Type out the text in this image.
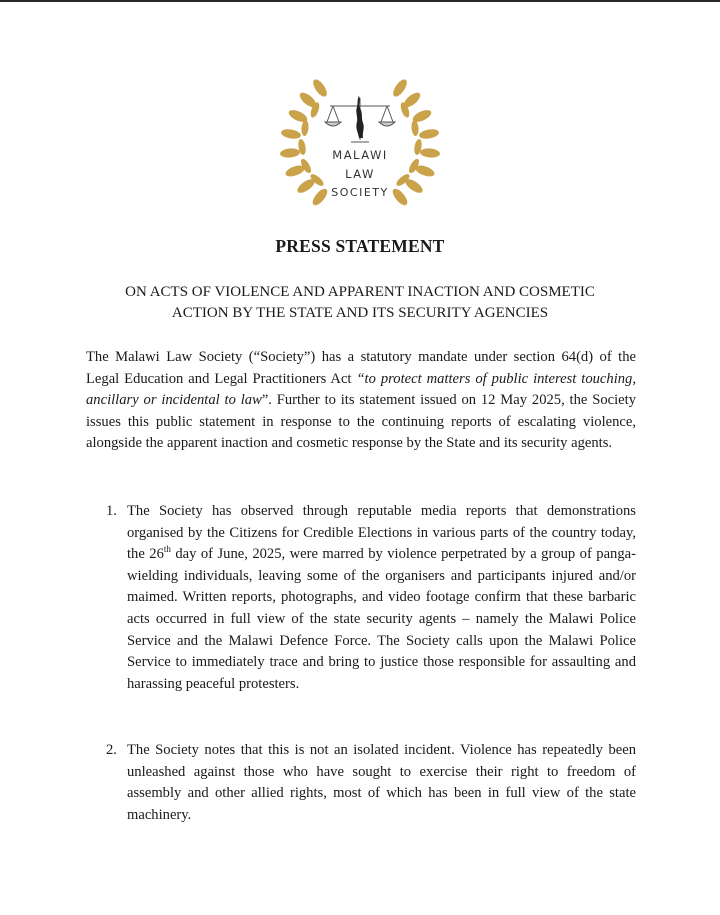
MALAWI
LAW
SOCIETY
PRESS STATEMENT
ON ACTS OF VIOLENCE AND APPARENT INACTION AND COSMETIC
ACTION BY THE STATE AND ITS SECURITY AGENCIES
The Malawi Law Society (“Society”) has a statutory mandate under section 64(d) of the Legal Education and Legal Practitioners Act “to protect matters of public interest touching, ancillary or incidental to law”. Further to its statement issued on 12 May 2025, the Society issues this public statement in response to the continuing reports of escalating violence, alongside the apparent inaction and cosmetic response by the State and its security agents.
1. The Society has observed through reputable media reports that demonstrations organised by the Citizens for Credible Elections in various parts of the country today, the 26th day of June, 2025, were marred by violence perpetrated by a group of panga-wielding individuals, leaving some of the organisers and participants injured and/or maimed. Written reports, photographs, and video footage confirm that these barbaric acts occurred in full view of the state security agents – namely the Malawi Police Service and the Malawi Defence Force. The Society calls upon the Malawi Police Service to immediately trace and bring to justice those responsible for assaulting and harassing peaceful protesters.
2. The Society notes that this is not an isolated incident. Violence has repeatedly been unleashed against those who have sought to exercise their right to freedom of assembly and other allied rights, most of which has been in full view of the state machinery.
